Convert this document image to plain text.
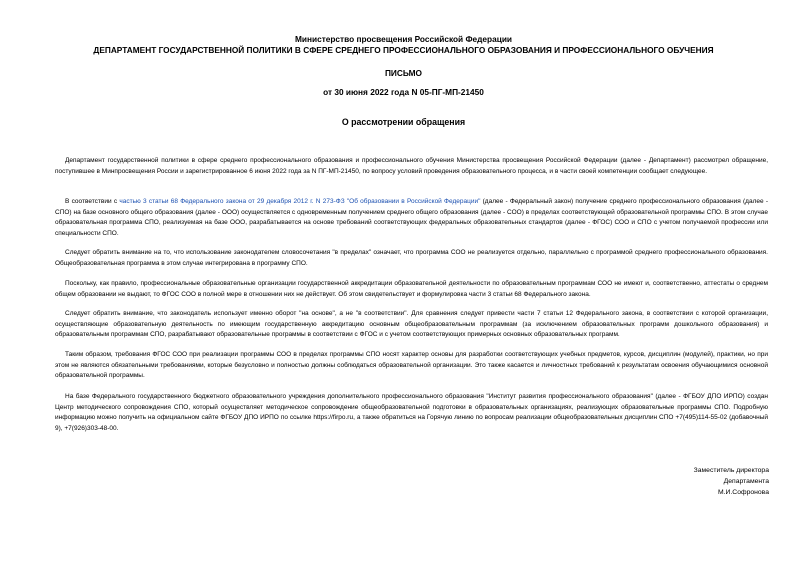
Министерство просвещения Российской Федерации
ДЕПАРТАМЕНТ ГОСУДАРСТВЕННОЙ ПОЛИТИКИ В СФЕРЕ СРЕДНЕГО ПРОФЕССИОНАЛЬНОГО ОБРАЗОВАНИЯ И ПРОФЕССИОНАЛЬНОГО ОБУЧЕНИЯ
ПИСЬМО
от 30 июня 2022 года N 05-ПГ-МП-21450
О рассмотрении обращения

Департамент государственной политики в сфере среднего профессионального образования и профессионального обучения Министерства просвещения Российской Федерации (далее - Департамент) рассмотрел обращение, поступившее в Минпросвещения России и зарегистрированное 6 июня 2022 года за N ПГ-МП-21450, по вопросу условий проведения образовательного процесса, и в части своей компетенции сообщает следующее.

В соответствии с частью 3 статьи 68 Федерального закона от 29 декабря 2012 г. N 273-ФЗ "Об образовании в Российской Федерации" (далее - Федеральный закон) получение среднего профессионального образования (далее - СПО) на базе основного общего образования (далее - ООО) осуществляется с одновременным получением среднего общего образования (далее - СОО) в пределах соответствующей образовательной программы СПО. В этом случае образовательная программа СПО, реализуемая на базе ООО, разрабатывается на основе требований соответствующих федеральных образовательных стандартов (далее - ФГОС) СОО и СПО с учетом получаемой профессии или специальности СПО.

Следует обратить внимание на то, что использование законодателем словосочетания "в пределах" означает, что программа СОО не реализуется отдельно, параллельно с программой среднего профессионального образования. Общеобразовательная программа в этом случае интегрирована в программу СПО.

Поскольку, как правило, профессиональные образовательные организации государственной аккредитации образовательной деятельности по образовательным программам СОО не имеют и, соответственно, аттестаты о среднем общем образовании не выдают, то ФГОС СОО в полной мере в отношении них не действует. Об этом свидетельствует и формулировка части 3 статьи 68 Федерального закона.

Следует обратить внимание, что законодатель использует именно оборот "на основе", а не "в соответствии". Для сравнения следует привести части 7 статьи 12 Федерального закона, в соответствии с которой организации, осуществляющие образовательную деятельность по имеющим государственную аккредитацию основным общеобразовательным программам (за исключением образовательных программ дошкольного образования) и образовательным программам СПО, разрабатывают образовательные программы в соответствии с ФГОС и с учетом соответствующих примерных основных образовательных программ.

Таким образом, требования ФГОС СОО при реализации программы СОО в пределах программы СПО носят характер основы для разработки соответствующих учебных предметов, курсов, дисциплин (модулей), практики, но при этом не являются обязательными требованиями, которые безусловно и полностью должны соблюдаться образовательной организации. Это также касается и личностных требований к результатам освоения обучающимися основной образовательной программы.

На базе Федерального государственного бюджетного образовательного учреждения дополнительного профессионального образования "Институт развития профессионального образования" (далее - ФГБОУ ДПО ИРПО) создан Центр методического сопровождения СПО, который осуществляет методическое сопровождение общеобразовательной подготовки в образовательных организациях, реализующих образовательные программы СПО. Подробную информацию можно получить на официальном сайте ФГБОУ ДПО ИРПО по ссылке https://firpo.ru, а также обратиться на Горячую линию по вопросам реализации общеобразовательных дисциплин СПО +7(495)114-55-02 (добавочный 9), +7(926)303-48-00.

Заместитель директора
Департамента
М.И.Софронова
